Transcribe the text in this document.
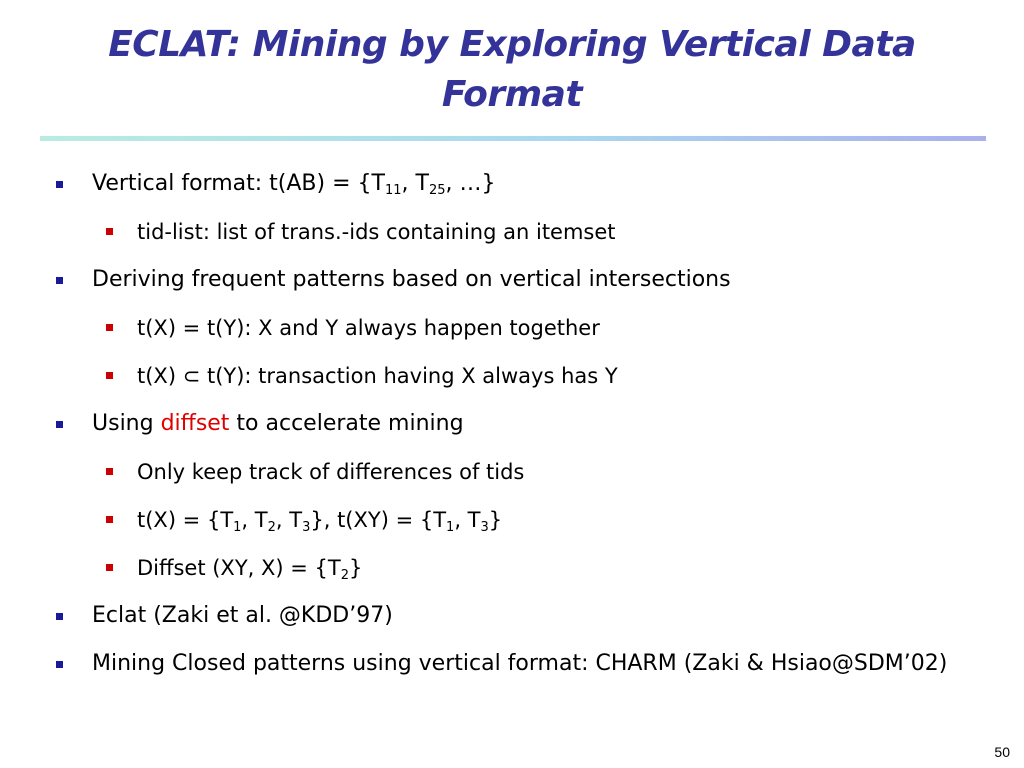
ECLAT: Mining by Exploring Vertical Data Format
Vertical format: $t(AB) = \{T_{11}$, $T_{25}$, …}
tid-list: list of trans.-ids containing an itemset
Deriving frequent patterns based on vertical intersections
t(X) = t(Y): X and Y always happen together
t(X) ⊂ t(Y): transaction having X always has Y
Using diffset to accelerate mining
Only keep track of differences of tids
$t(X) = \{T_1$, $T_2$, $T_3$}, $t(XY) = \{T_1$, $T_3$}
Diffset (XY, $X) = \{T_2\}$
Eclat (Zaki et al. @KDD’97)
Mining Closed patterns using vertical format: CHARM (Zaki & Hsiao@SDM’02)
50
